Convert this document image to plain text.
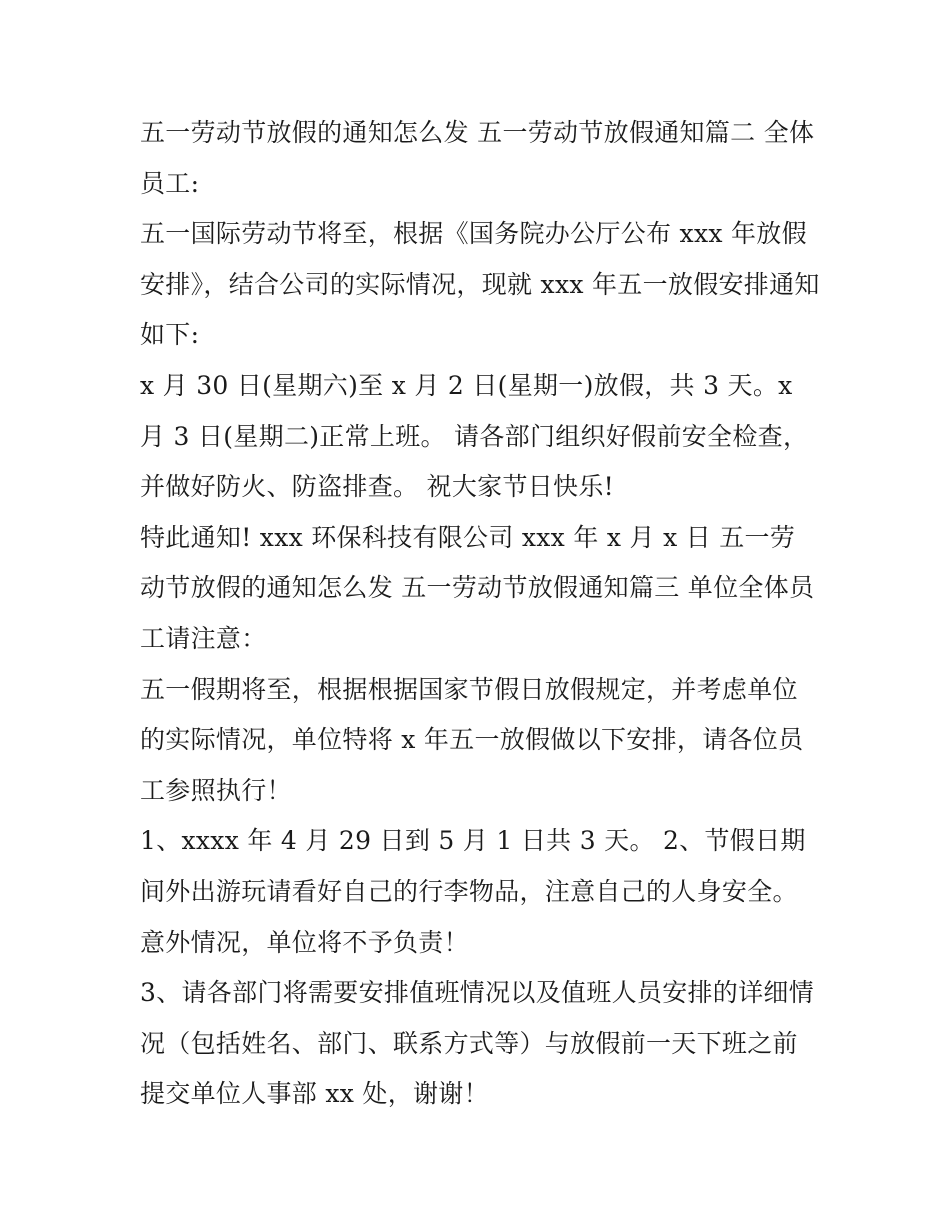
五一劳动节放假的通知怎么发 五一劳动节放假通知篇二 全体员工:

五一国际劳动节将至，根据《国务院办公厅公布 xxx 年放假安排》，结合公司的实际情况，现就 xxx 年五一放假安排通知如下:

x 月 30 日(星期六)至 x 月 2 日(星期一)放假，共 3 天。x 月 3 日(星期二)正常上班。 请各部门组织好假前安全检查，并做好防火、防盗排查。 祝大家节日快乐!

特此通知! xxx 环保科技有限公司 xxx 年 x 月 x 日 五一劳动节放假的通知怎么发 五一劳动节放假通知篇三 单位全体员工请注意：

五一假期将至，根据根据国家节假日放假规定，并考虑单位的实际情况，单位特将 x 年五一放假做以下安排，请各位员工参照执行！

1、xxxx 年 4 月 29 日到 5 月 1 日共 3 天。 2、节假日期间外出游玩请看好自己的行李物品，注意自己的人身安全。意外情况，单位将不予负责！

3、请各部门将需要安排值班情况以及值班人员安排的详细情况（包括姓名、部门、联系方式等）与放假前一天下班之前提交单位人事部 xx 处，谢谢！
